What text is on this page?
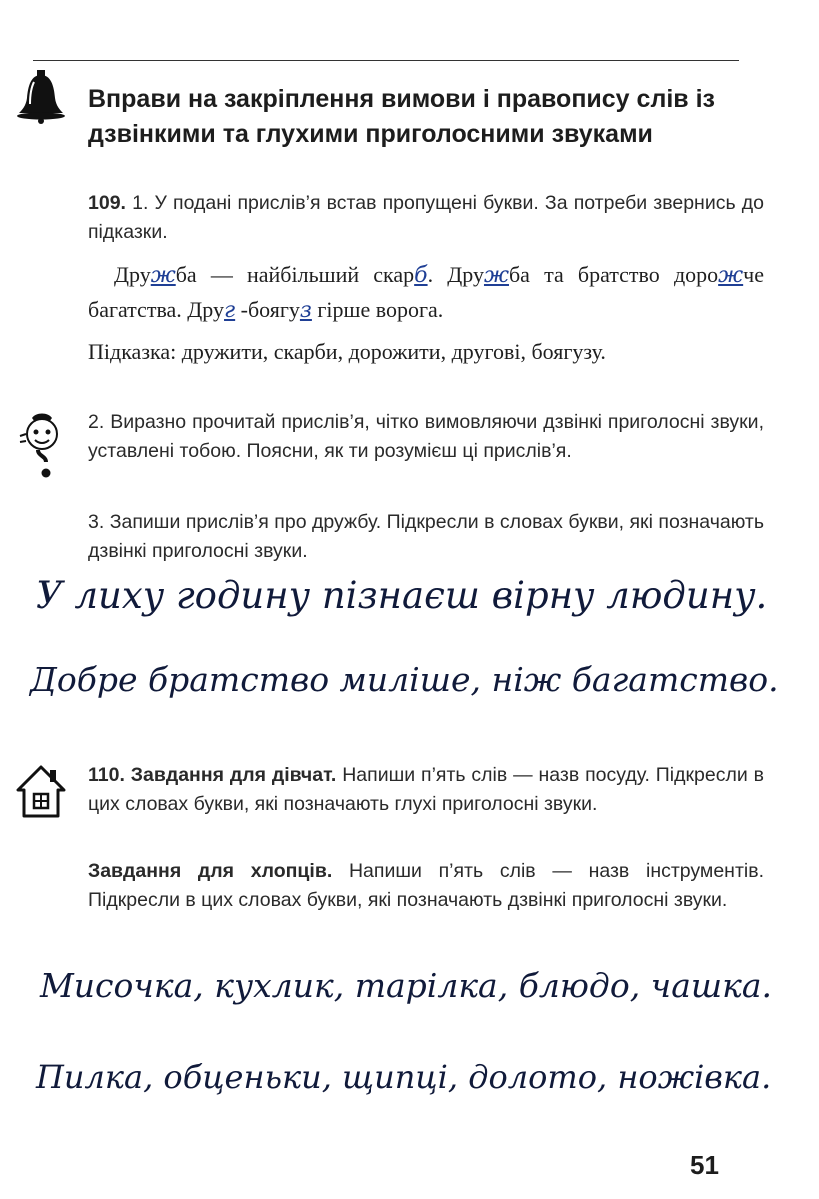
Вправи на закріплення вимови і правопису слів із дзвінкими та глухими приголосними звуками

109. 1. У подані прислів’я встав пропущені букви. За потреби звернись до підказки.

Дружба — найбільший скарб. Дружба та братство дорожче багатства. Друг -боягуз гірше ворога.

Підказка: дружити, скарби, дорожити, другові, боягузу.

2. Виразно прочитай прислів’я, чітко вимовляючи дзвінкі приголосні звуки, уставлені тобою. Поясни, як ти розумієш ці прислів’я.

3. Запиши прислів’я про дружбу. Підкресли в словах букви, які позначають дзвінкі приголосні звуки.

У лиху годину пізнаєш вірну людину.

Добре братство миліше, ніж багатство.

110. Завдання для дівчат. Напиши п’ять слів — назв посуду. Підкресли в цих словах букви, які позначають глухі приголосні звуки.

Завдання для хлопців. Напиши п’ять слів — назв інструментів. Підкресли в цих словах букви, які позначають дзвінкі приголосні звуки.

Мисочка, кухлик, тарілка, блюдо, чашка.

Пилка, обценьки, щипці, долото, ножівка.

51
